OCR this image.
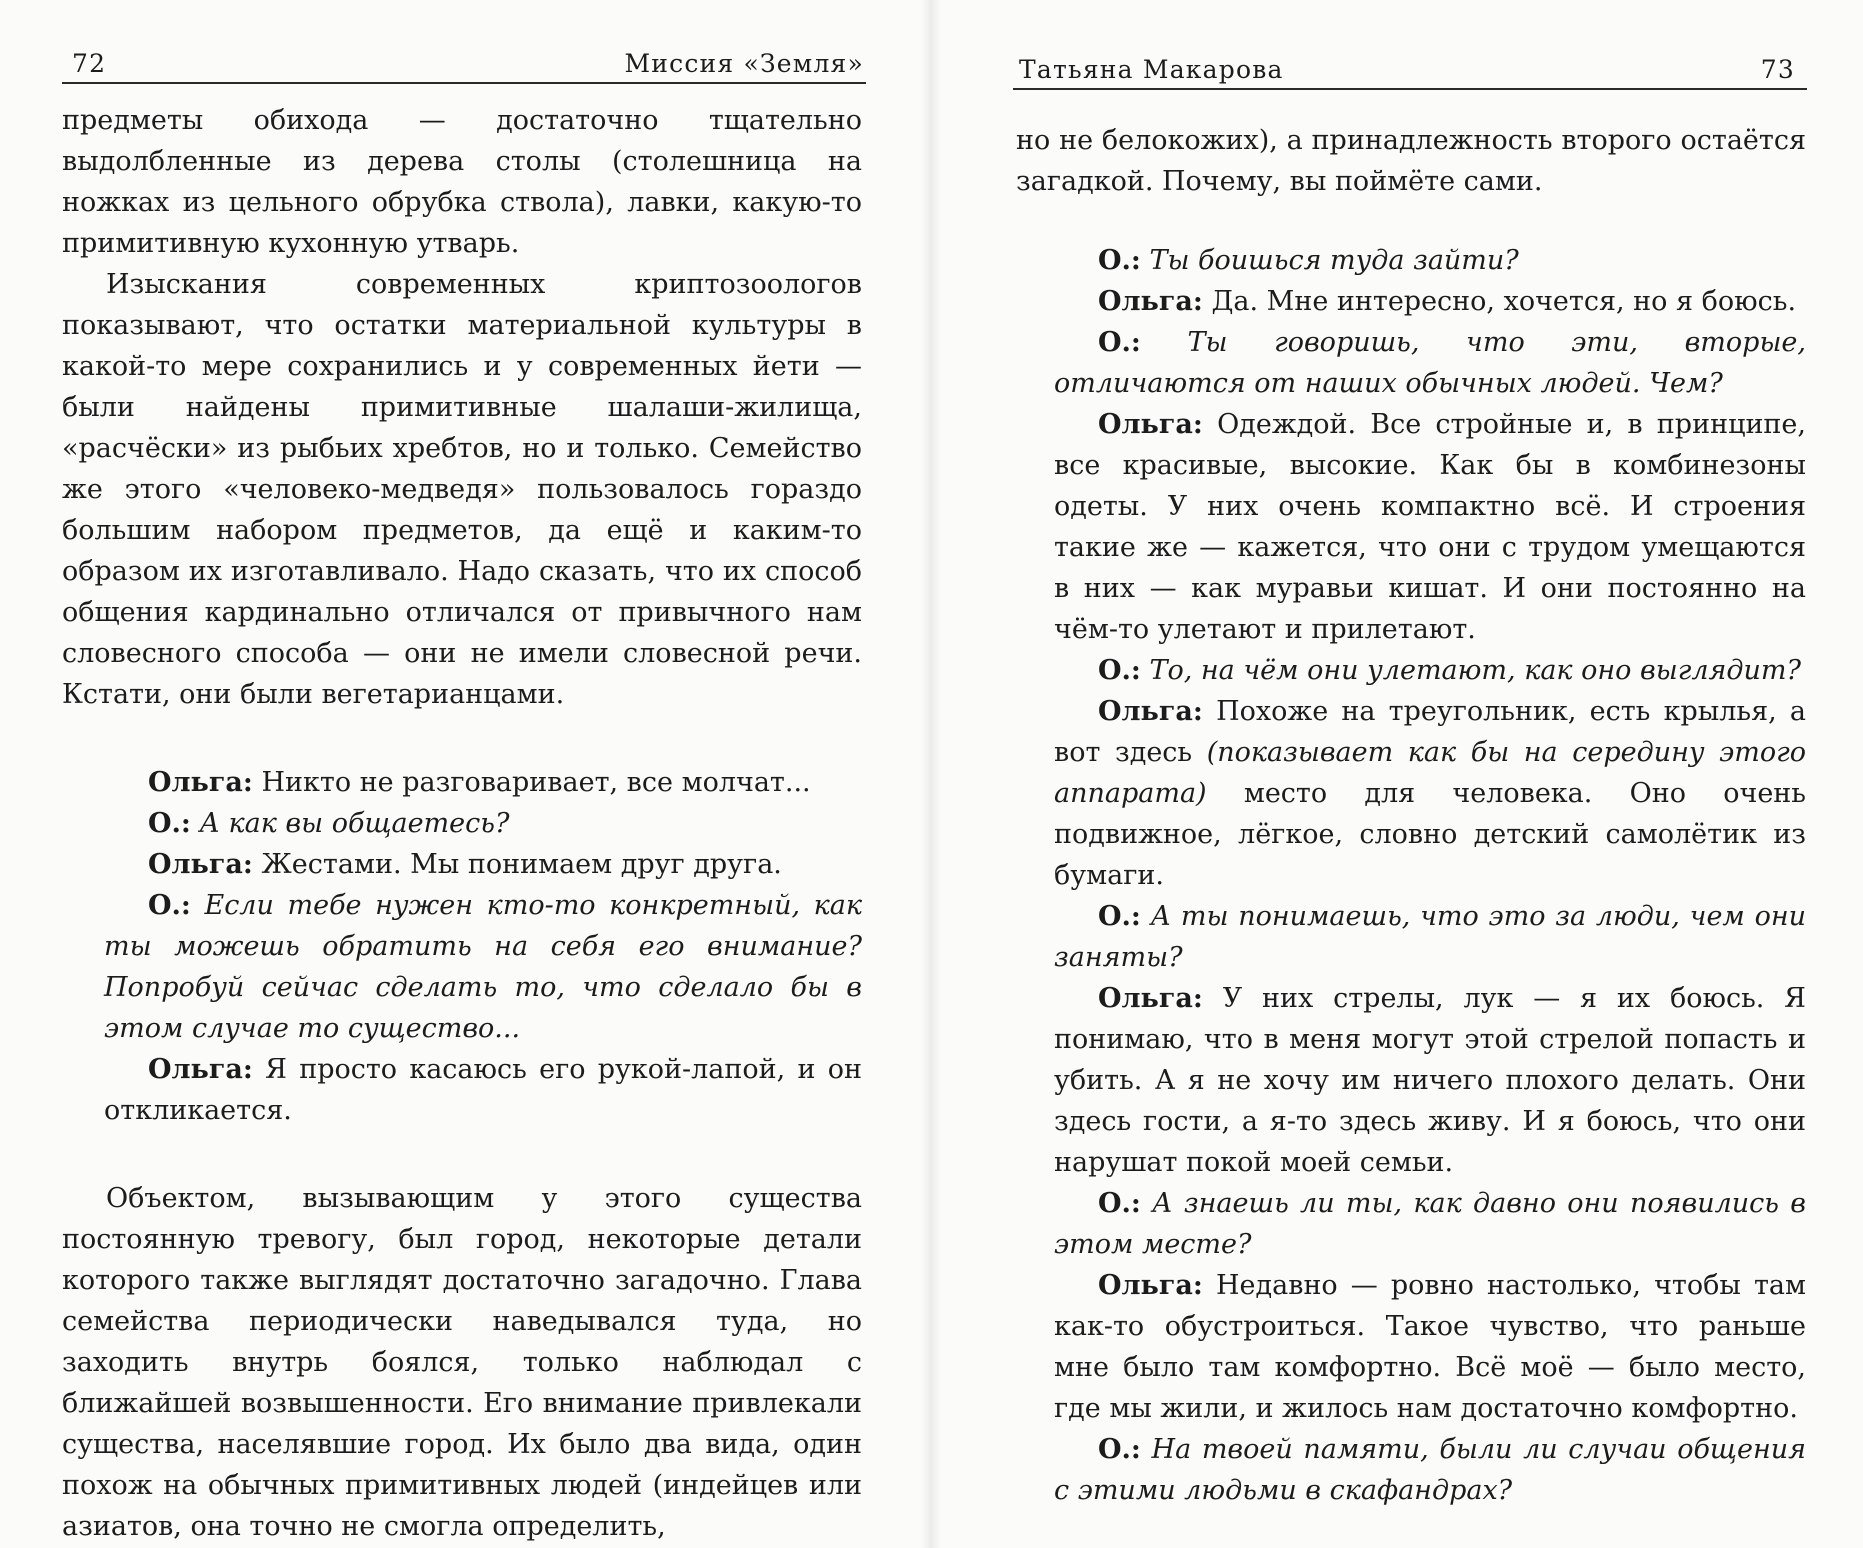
72	Миссия «Земля»

предметы обихода — достаточно тщательно выдолбленные из дерева столы (столешница на ножках из цельного обрубка ствола), лавки, какую-то примитивную кухонную утварь.

Изыскания современных криптозоологов показывают, что остатки материальной культуры в какой-то мере сохранились и у современных йети — были найдены примитивные шалаши-жилища, «расчёски» из рыбьих хребтов, но и только. Семейство же этого «человеко-медведя» пользовалось гораздо большим набором предметов, да ещё и каким-то образом их изготавливало. Надо сказать, что их способ общения кардинально отличался от привычного нам словесного способа — они не имели словесной речи. Кстати, они были вегетарианцами.

Ольга: Никто не разговаривает, все молчат...

О.: А как вы общаетесь?

Ольга: Жестами. Мы понимаем друг друга.

О.: Если тебе нужен кто-то конкретный, как ты можешь обратить на себя его внимание? Попробуй сейчас сделать то, что сделало бы в этом случае то существо...

Ольга: Я просто касаюсь его рукой-лапой, и он откликается.

Объектом, вызывающим у этого существа постоянную тревогу, был город, некоторые детали которого также выглядят достаточно загадочно. Глава семейства периодически наведывался туда, но заходить внутрь боялся, только наблюдал с ближайшей возвышенности. Его внимание привлекали существа, населявшие город. Их было два вида, один похож на обычных примитивных людей (индейцев или азиатов, она точно не смогла определить,

Татьяна Макарова	73

но не белокожих), а принадлежность второго остаётся загадкой. Почему, вы поймёте сами.

О.: Ты боишься туда зайти?

Ольга: Да. Мне интересно, хочется, но я боюсь.

О.: Ты говоришь, что эти, вторые, отличаются от наших обычных людей. Чем?

Ольга: Одеждой. Все стройные и, в принципе, все красивые, высокие. Как бы в комбинезоны одеты. У них очень компактно всё. И строения такие же — кажется, что они с трудом умещаются в них — как муравьи кишат. И они постоянно на чём-то улетают и прилетают.

О.: То, на чём они улетают, как оно выглядит?

Ольга: Похоже на треугольник, есть крылья, а вот здесь (показывает как бы на середину этого аппарата) место для человека. Оно очень подвижное, лёгкое, словно детский самолётик из бумаги.

О.: А ты понимаешь, что это за люди, чем они заняты?

Ольга: У них стрелы, лук — я их боюсь. Я понимаю, что в меня могут этой стрелой попасть и убить. А я не хочу им ничего плохого делать. Они здесь гости, а я-то здесь живу. И я боюсь, что они нарушат покой моей семьи.

О.: А знаешь ли ты, как давно они появились в этом месте?

Ольга: Недавно — ровно настолько, чтобы там как-то обустроиться. Такое чувство, что раньше мне было там комфортно. Всё моё — было место, где мы жили, и жилось нам достаточно комфортно.

О.: На твоей памяти, были ли случаи общения с этими людьми в скафандрах?
